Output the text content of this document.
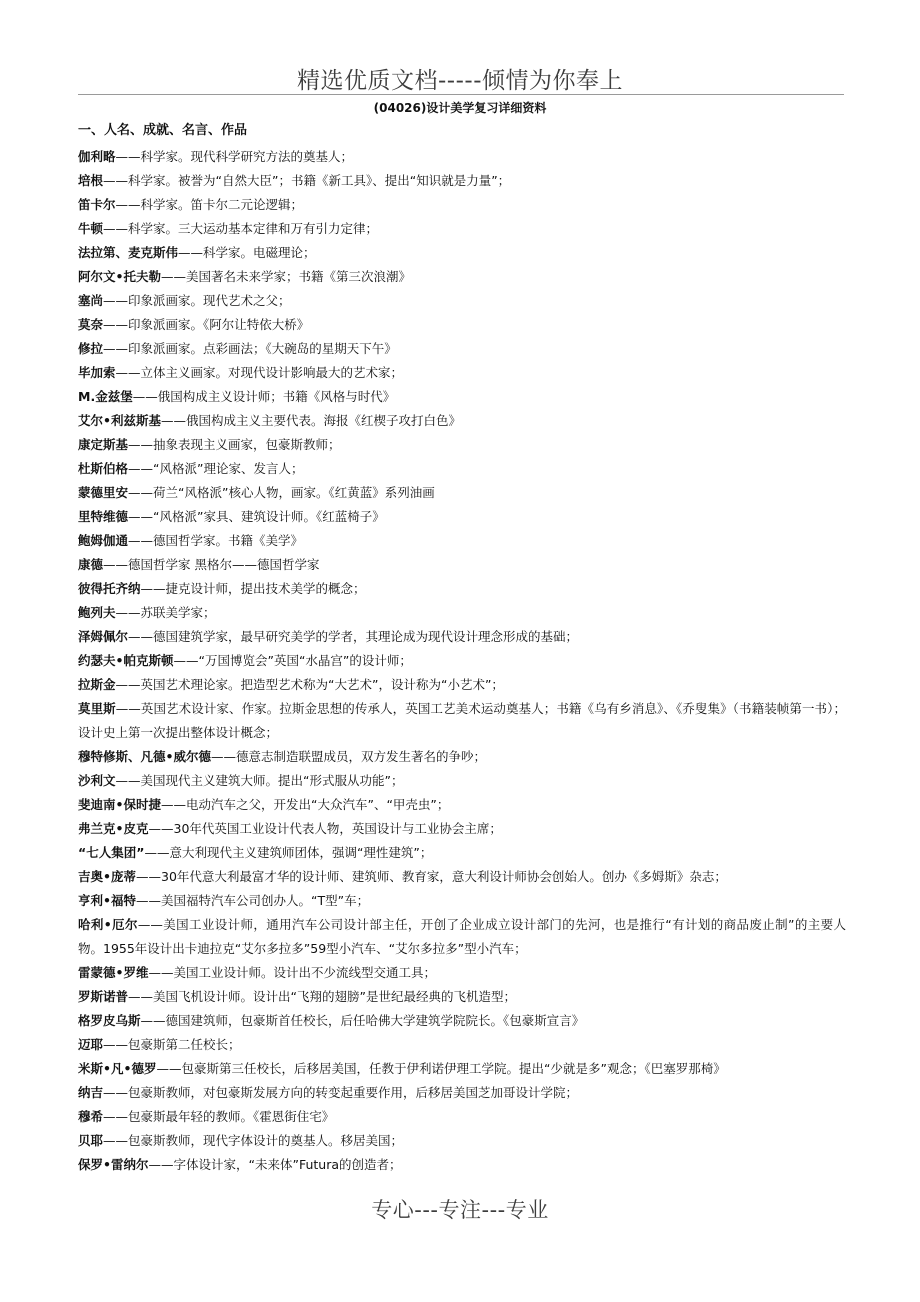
精选优质文档-----倾情为你奉上
(04026)设计美学复习详细资料
一、人名、成就、名言、作品
伽利略——科学家。现代科学研究方法的奠基人；
培根——科学家。被誉为“自然大臣”；书籍《新工具》、提出“知识就是力量”；
笛卡尔——科学家。笛卡尔二元论逻辑；
牛顿——科学家。三大运动基本定律和万有引力定律；
法拉第、麦克斯伟——科学家。电磁理论；
阿尔文•托夫勒——美国著名未来学家；书籍《第三次浪潮》
塞尚——印象派画家。现代艺术之父；
莫奈——印象派画家。《阿尔让特依大桥》
修拉——印象派画家。点彩画法；《大碗岛的星期天下午》
毕加索——立体主义画家。对现代设计影响最大的艺术家；
M.金兹堡——俄国构成主义设计师；书籍《风格与时代》
艾尔•利兹斯基——俄国构成主义主要代表。海报《红楔子攻打白色》
康定斯基——抽象表现主义画家，包豪斯教师；
杜斯伯格——“风格派”理论家、发言人；
蒙德里安——荷兰“风格派”核心人物，画家。《红黄蓝》系列油画
里特维德——“风格派”家具、建筑设计师。《红蓝椅子》
鲍姆伽通——德国哲学家。书籍《美学》
康德——德国哲学家 黑格尔——德国哲学家
彼得托齐纳——捷克设计师，提出技术美学的概念；
鲍列夫——苏联美学家；
泽姆佩尔——德国建筑学家，最早研究美学的学者，其理论成为现代设计理念形成的基础；
约瑟夫•帕克斯顿——“万国博览会”英国“水晶宫”的设计师；
拉斯金——英国艺术理论家。把造型艺术称为“大艺术”，设计称为“小艺术”；
莫里斯——英国艺术设计家、作家。拉斯金思想的传承人，英国工艺美术运动奠基人；书籍《乌有乡消息》、《乔叟集》（书籍装帧第一书）；设计史上第一次提出整体设计概念；
穆特修斯、凡德•威尔德——德意志制造联盟成员，双方发生著名的争吵；
沙利文——美国现代主义建筑大师。提出“形式服从功能”；
斐迪南•保时捷——电动汽车之父，开发出“大众汽车”、“甲壳虫”；
弗兰克•皮克——30年代英国工业设计代表人物，英国设计与工业协会主席；
“七人集团”——意大利现代主义建筑师团体，强调“理性建筑”；
吉奥•庞蒂——30年代意大利最富才华的设计师、建筑师、教育家，意大利设计师协会创始人。创办《多姆斯》杂志；
亨利•福特——美国福特汽车公司创办人。“T型”车；
哈利•厄尔——美国工业设计师，通用汽车公司设计部主任，开创了企业成立设计部门的先河，也是推行“有计划的商品废止制”的主要人物。1955年设计出卡迪拉克“艾尔多拉多”59型小汽车、“艾尔多拉多”型小汽车；
雷蒙德•罗维——美国工业设计师。设计出不少流线型交通工具；
罗斯诺普——美国飞机设计师。设计出“飞翔的翅膀”是世纪最经典的飞机造型；
格罗皮乌斯——德国建筑师，包豪斯首任校长，后任哈佛大学建筑学院院长。《包豪斯宣言》
迈耶——包豪斯第二任校长；
米斯•凡•德罗——包豪斯第三任校长，后移居美国，任教于伊利诺伊理工学院。提出“少就是多”观念；《巴塞罗那椅》
纳吉——包豪斯教师，对包豪斯发展方向的转变起重要作用，后移居美国芝加哥设计学院；
穆希——包豪斯最年轻的教师。《霍恩街住宅》
贝耶——包豪斯教师，现代字体设计的奠基人。移居美国；
保罗•雷纳尔——字体设计家，“未来体”Futura的创造者；
专心---专注---专业
